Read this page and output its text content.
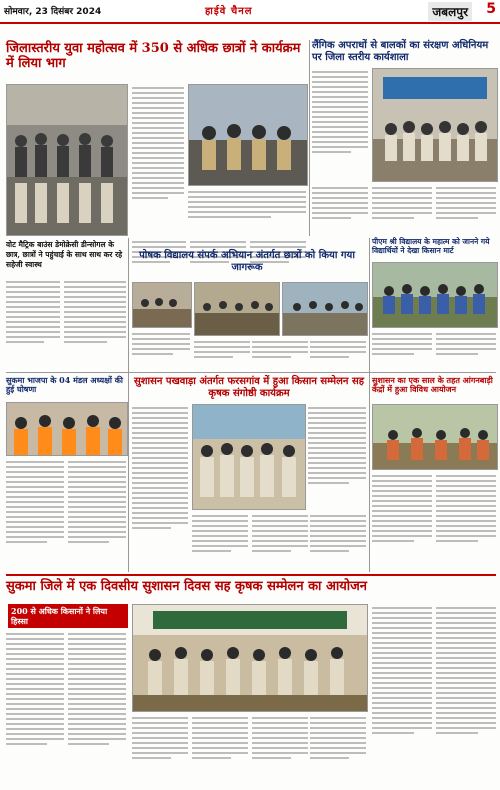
सोमवार, 23 दिसंबर 2024	हाईवे चैनल	जबलपुर 5
जिलास्तरीय युवा महोत्सव में 350 से अधिक छात्रों ने कार्यक्रम में लिया भाग
वोट मैट्रिक बाउंस डेमोक्रेसी डीन्सोगल के छात्र, छात्रों ने पहुंचाई के साथ साथ कर रहे सहेजी स्वास्थ
लैंगिक अपराधों से बालकों का संरक्षण अधिनियम पर जिला स्तरीय कार्यशाला
पोषक विद्यालय संपर्क अभियान अंतर्गत छात्रों को किया गया जागरूक
पीएम श्री विद्यालय के महात्म को जानने गये विद्यार्थियों ने देखा किसान मार्ट
सुकमा भाजपा के 04 मंडल अध्यक्षों की हुई घोषणा
सुशासन पखवाड़ा अंतर्गत फरसगांव में हुआ किसान सम्मेलन सह कृषक संगोष्ठी कार्यक्रम
सुशासन का एक साल के तहत आंगनबाड़ी केंद्रों में हुआ विविध आयोजन
सुकमा जिले में एक दिवसीय सुशासन दिवस सह कृषक सम्मेलन का आयोजन
200 से अधिक किसानों ने लिया हिस्सा
